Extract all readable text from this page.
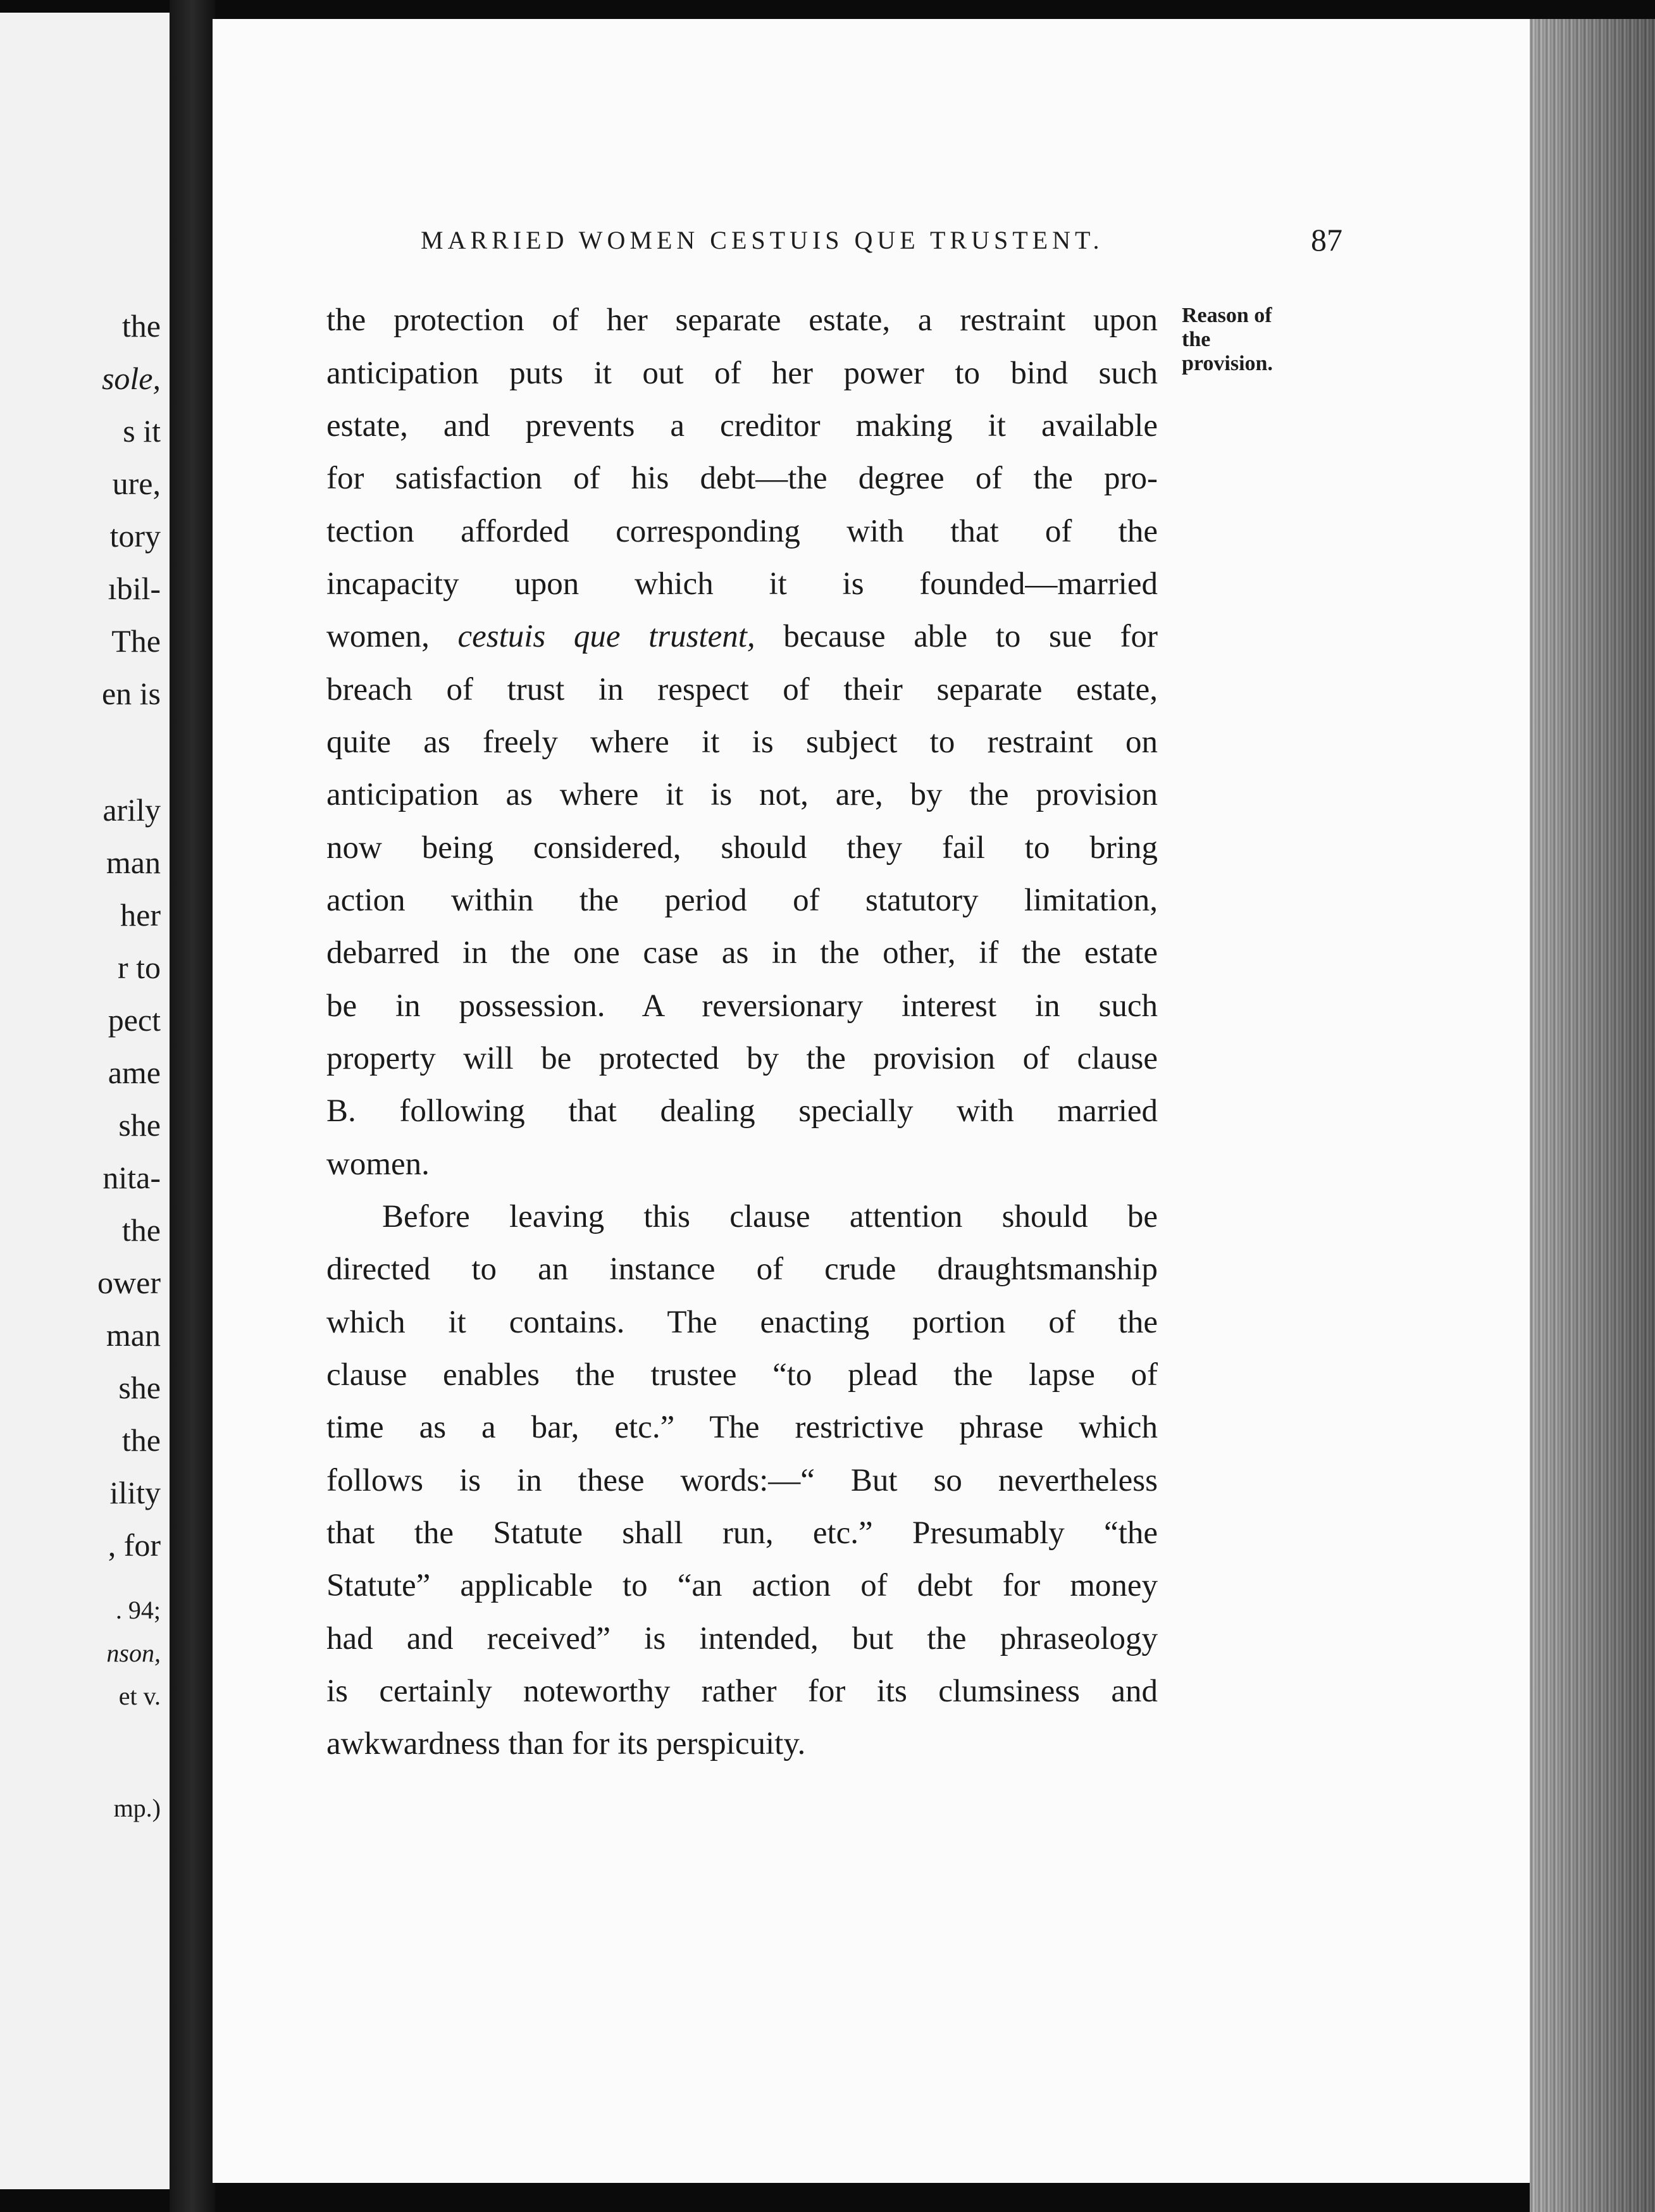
the
sole,
s it
ure,
tory
ıbil-
The
en is
arily
man
her
r to
pect
ame
she
nita-
the
ower
man
she
the
ility
, for
. 94;
nson,
et v.
mp.)
MARRIED WOMEN CESTUIS QUE TRUSTENT.	87
Reason of
the
provision.
the protection of her separate estate, a restraint upon
anticipation puts it out of her power to bind such
estate, and prevents a creditor making it available
for satisfaction of his debt—the degree of the pro-
tection afforded corresponding with that of the
incapacity upon which it is founded—married
women, cestuis que trustent, because able to sue for
breach of trust in respect of their separate estate,
quite as freely where it is subject to restraint on
anticipation as where it is not, are, by the provision
now being considered, should they fail to bring
action within the period of statutory limitation,
debarred in the one case as in the other, if the estate
be in possession. A reversionary interest in such
property will be protected by the provision of clause
B. following that dealing specially with married
women.
Before leaving this clause attention should be
directed to an instance of crude draughtsmanship
which it contains. The enacting portion of the
clause enables the trustee “to plead the lapse of
time as a bar, etc.” The restrictive phrase which
follows is in these words:—“ But so nevertheless
that the Statute shall run, etc.” Presumably “the
Statute” applicable to “an action of debt for money
had and received” is intended, but the phraseology
is certainly noteworthy rather for its clumsiness and
awkwardness than for its perspicuity.
